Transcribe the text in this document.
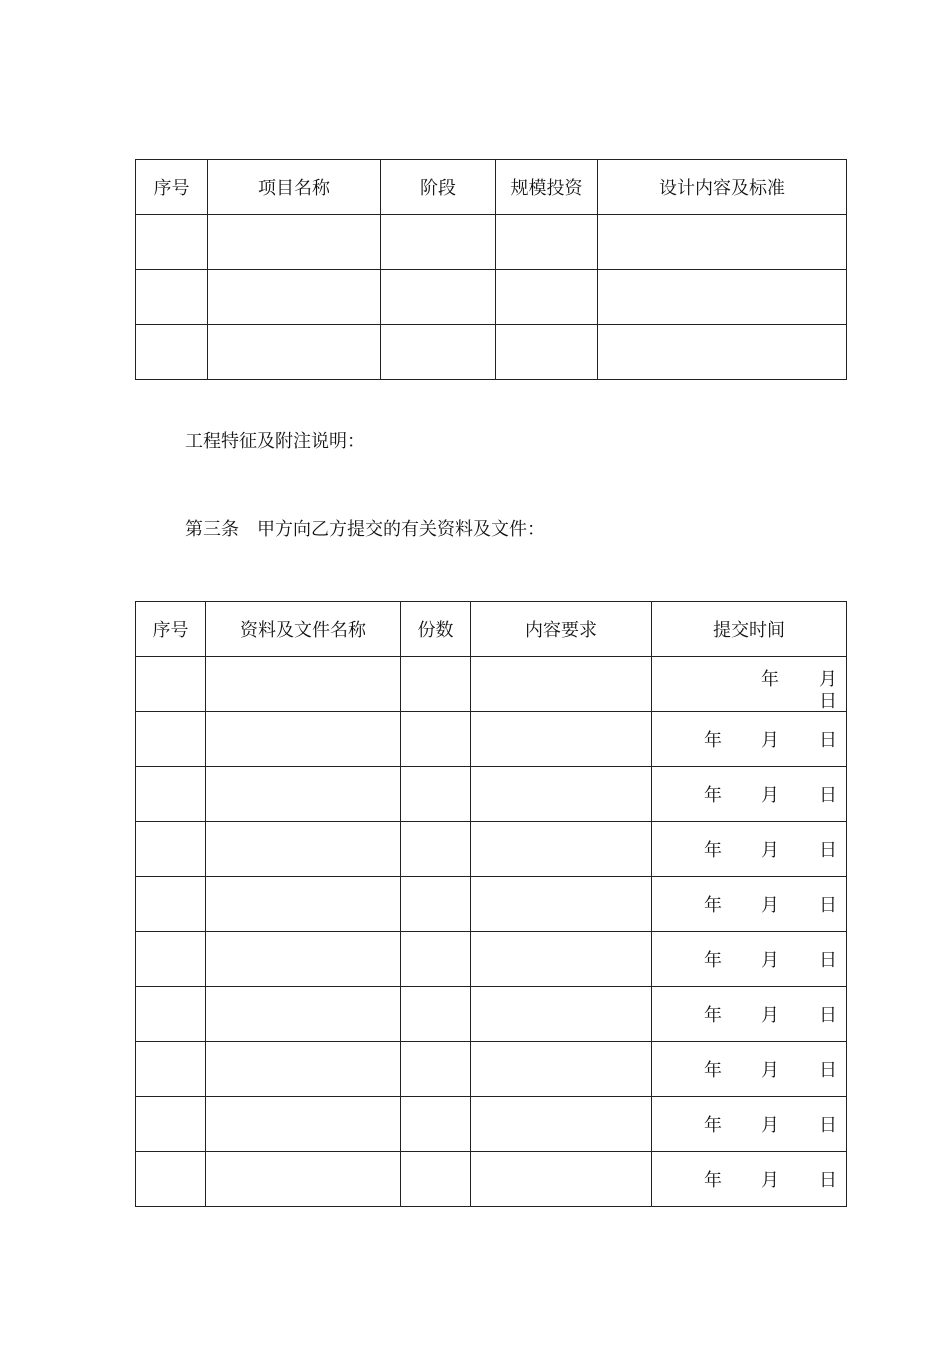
序号	项目名称	阶段	规模投资	设计内容及标准

工程特征及附注说明：
第三条　甲方向乙方提交的有关资料及文件：
序号	资料及文件名称	份数	内容要求	提交时间

				年 月
日

				年 月 日

				年 月 日

				年 月 日

				年 月 日

				年 月 日

				年 月 日

				年 月 日

				年 月 日

				年 月 日
